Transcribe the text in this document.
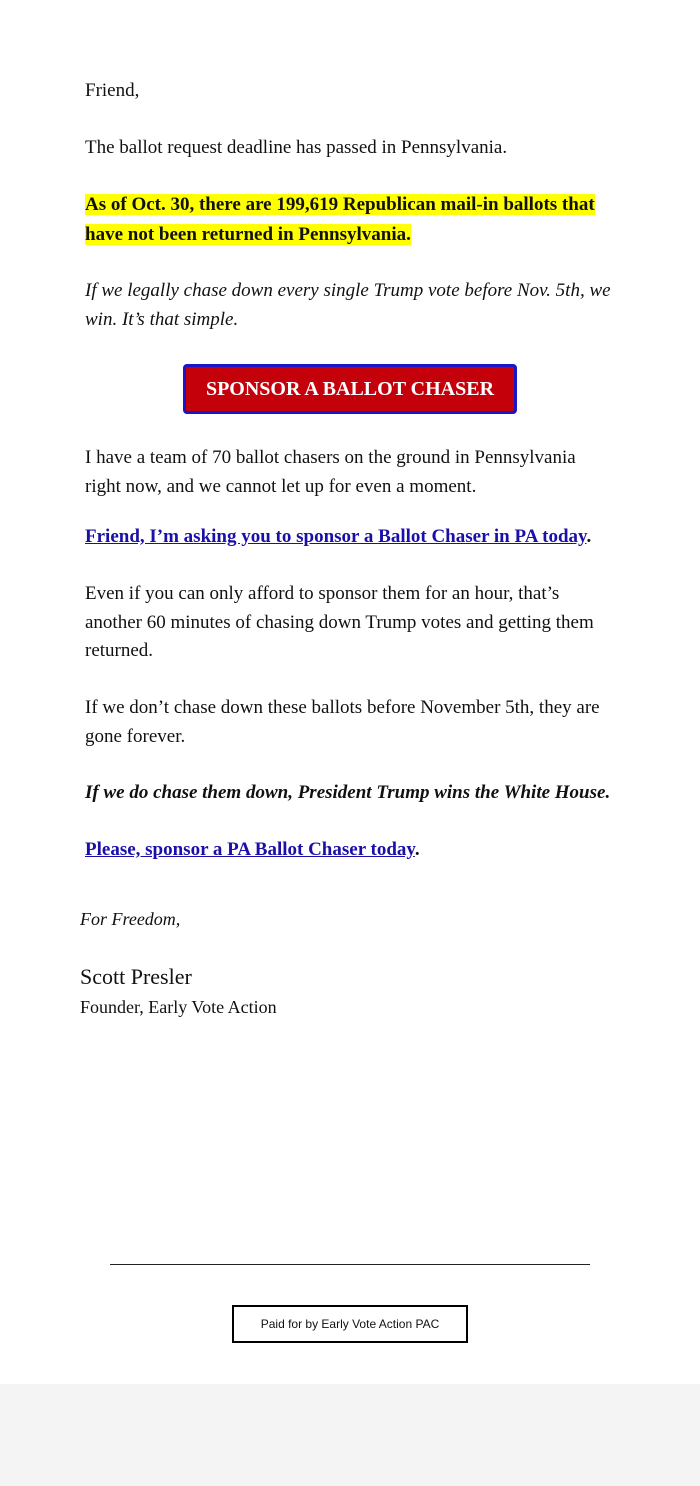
Friend,

The ballot request deadline has passed in Pennsylvania.

As of Oct. 30, there are 199,619 Republican mail-in ballots that have not been returned in Pennsylvania.

If we legally chase down every single Trump vote before Nov. 5th, we win. It’s that simple.

SPONSOR A BALLOT CHASER

I have a team of 70 ballot chasers on the ground in Pennsylvania right now, and we cannot let up for even a moment.

Friend, I’m asking you to sponsor a Ballot Chaser in PA today.

Even if you can only afford to sponsor them for an hour, that’s another 60 minutes of chasing down Trump votes and getting them returned.

If we don’t chase down these ballots before November 5th, they are gone forever.

If we do chase them down, President Trump wins the White House.

Please, sponsor a PA Ballot Chaser today.

For Freedom,

Scott Presler

Founder, Early Vote Action

Paid for by Early Vote Action PAC
